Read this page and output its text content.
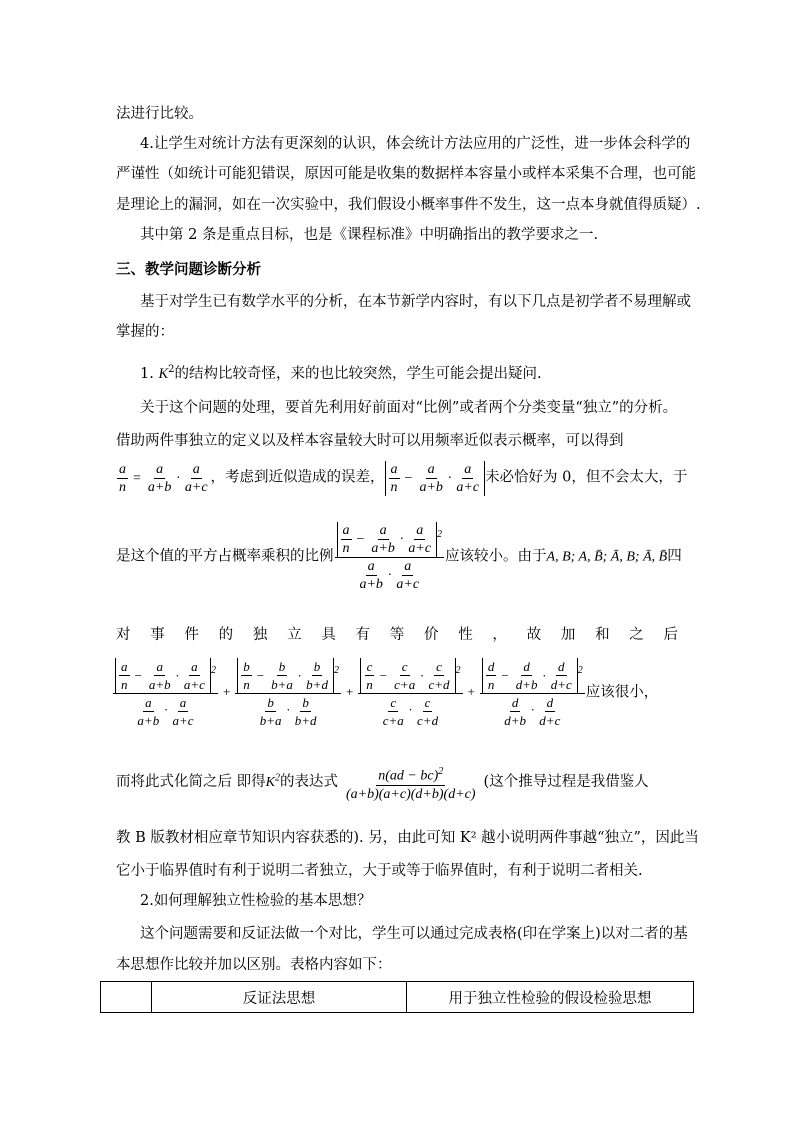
法进行比较。
4.让学生对统计方法有更深刻的认识，体会统计方法应用的广泛性，进一步体会科学的
严谨性（如统计可能犯错误，原因可能是收集的数据样本容量小或样本采集不合理，也可能
是理论上的漏洞，如在一次实验中，我们假设小概率事件不发生，这一点本身就值得质疑）.
其中第 2 条是重点目标，也是《课程标准》中明确指出的教学要求之一.
三、教学问题诊断分析
基于对学生已有数学水平的分析，在本节新学内容时，有以下几点是初学者不易理解或
掌握的：
1. $K^2$的结构比较奇怪，来的也比较突然，学生可能会提出疑问.
关于这个问题的处理，要首先利用好前面对“比例”或者两个分类变量“独立”的分析。
借助两件事独立的定义以及样本容量较大时可以用频率近似表示概率，可以得到
$\frac{a}{n} = \frac{a}{a+b} \cdot \frac{a}{a+c}$ ，考虑到近似造成的误差， $\frac{a}{n} - \frac{a}{a+b} \cdot \frac{a}{a+c}$ 未必恰好为 0，但不会太大，于
是这个值的平方占概率乘积的比例 $\frac{\frac{a}{n} - \frac{a}{a+b} \cdot \frac{a}{a+c} ^2}{\frac{a}{a+b} \cdot \frac{a}{a+c}}$ 应该较小。由于A, B; A, B̄; Ā, B; Ā, B̄四
对 事 件 的 独 立 具 有 等 价 性 ， 故 加 和 之 后
$\frac{\frac{a}{n} - \frac{a}{a+b} \cdot \frac{a}{a+c} ^2}{\frac{a}{a+b} \cdot \frac{a}{a+c}} + \frac{\frac{b}{n} - \frac{b}{b+a} \cdot \frac{b}{b+d} ^2}{\frac{b}{b+a} \cdot \frac{b}{b+d}} + \frac{\frac{c}{n} - \frac{c}{c+a} \cdot \frac{c}{c+d} ^2}{\frac{c}{c+a} \cdot \frac{c}{c+d}} + \frac{\frac{d}{n} - \frac{d}{d+b} \cdot \frac{d}{d+c} ^2}{\frac{d}{d+b} \cdot \frac{d}{d+c}}$ 应该很小，
而将此式化简之后 即得$K^2$的表达式 $\frac{n(ad - bc)^2}{(a+b)(a+c)(d+b)(d+c)}$ (这个推导过程是我借鉴人
教 B 版教材相应章节知识内容获悉的). 另，由此可知 K² 越小说明两件事越“独立”，因此当
它小于临界值时有利于说明二者独立，大于或等于临界值时，有利于说明二者相关.
2.如何理解独立性检验的基本思想？
这个问题需要和反证法做一个对比，学生可以通过完成表格(印在学案上)以对二者的基
本思想作比较并加以区别。表格内容如下：
	反证法思想	用于独立性检验的假设检验思想
